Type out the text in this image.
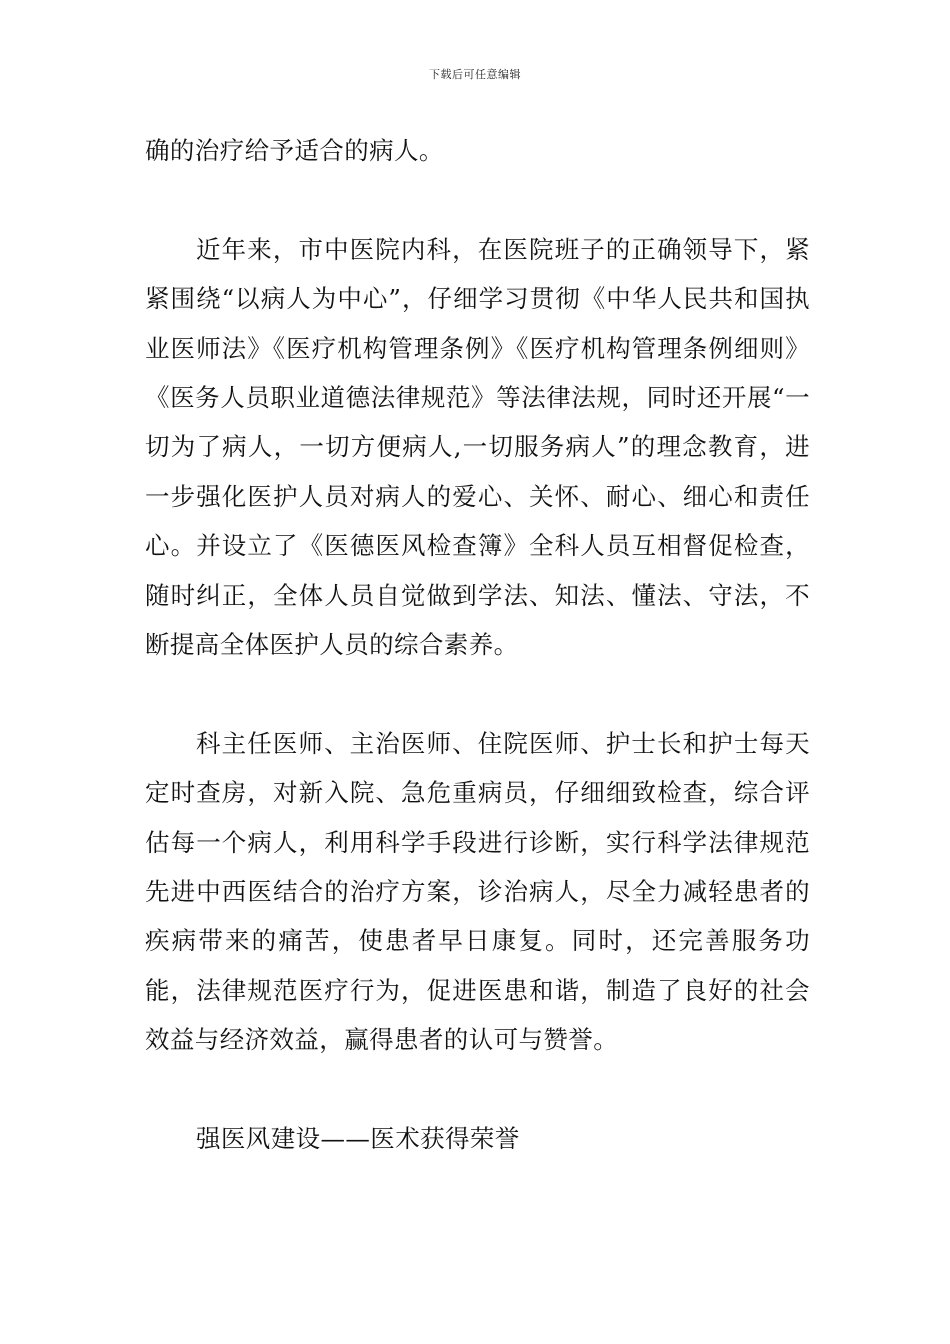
下载后可任意编辑

确的治疗给予适合的病人。

近年来，市中医院内科，在医院班子的正确领导下，紧紧围绕“以病人为中心”，仔细学习贯彻《中华人民共和国执业医师法》《医疗机构管理条例》《医疗机构管理条例细则》《医务人员职业道德法律规范》等法律法规，同时还开展“一切为了病人，一切方便病人,一切服务病人”的理念教育，进一步强化医护人员对病人的爱心、关怀、耐心、细心和责任心。并设立了《医德医风检查簿》全科人员互相督促检查，随时纠正，全体人员自觉做到学法、知法、懂法、守法，不断提高全体医护人员的综合素养。

科主任医师、主治医师、住院医师、护士长和护士每天定时查房，对新入院、急危重病员，仔细细致检查，综合评估每一个病人，利用科学手段进行诊断，实行科学法律规范先进中西医结合的治疗方案，诊治病人，尽全力减轻患者的疾病带来的痛苦，使患者早日康复。同时，还完善服务功能，法律规范医疗行为，促进医患和谐，制造了良好的社会效益与经济效益，赢得患者的认可与赞誉。

强医风建设——医术获得荣誉
